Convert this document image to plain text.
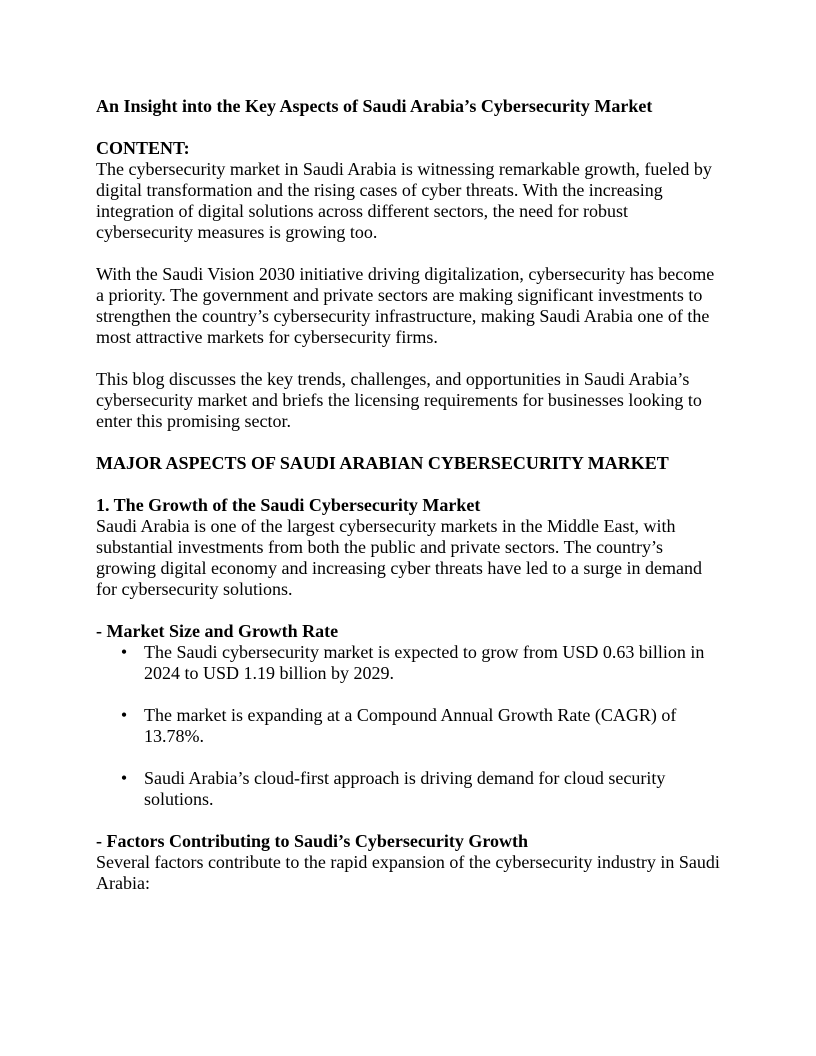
An Insight into the Key Aspects of Saudi Arabia’s Cybersecurity Market

CONTENT:

The cybersecurity market in Saudi Arabia is witnessing remarkable growth, fueled by digital transformation and the rising cases of cyber threats. With the increasing integration of digital solutions across different sectors, the need for robust cybersecurity measures is growing too.

With the Saudi Vision 2030 initiative driving digitalization, cybersecurity has become a priority. The government and private sectors are making significant investments to strengthen the country’s cybersecurity infrastructure, making Saudi Arabia one of the most attractive markets for cybersecurity firms.

This blog discusses the key trends, challenges, and opportunities in Saudi Arabia’s cybersecurity market and briefs the licensing requirements for businesses looking to enter this promising sector.

MAJOR ASPECTS OF SAUDI ARABIAN CYBERSECURITY MARKET

1. The Growth of the Saudi Cybersecurity Market

Saudi Arabia is one of the largest cybersecurity markets in the Middle East, with substantial investments from both the public and private sectors. The country’s growing digital economy and increasing cyber threats have led to a surge in demand for cybersecurity solutions.

- Market Size and Growth Rate

• The Saudi cybersecurity market is expected to grow from USD 0.63 billion in 2024 to USD 1.19 billion by 2029.
• The market is expanding at a Compound Annual Growth Rate (CAGR) of 13.78%.
• Saudi Arabia’s cloud-first approach is driving demand for cloud security solutions.

- Factors Contributing to Saudi’s Cybersecurity Growth

Several factors contribute to the rapid expansion of the cybersecurity industry in Saudi Arabia:
